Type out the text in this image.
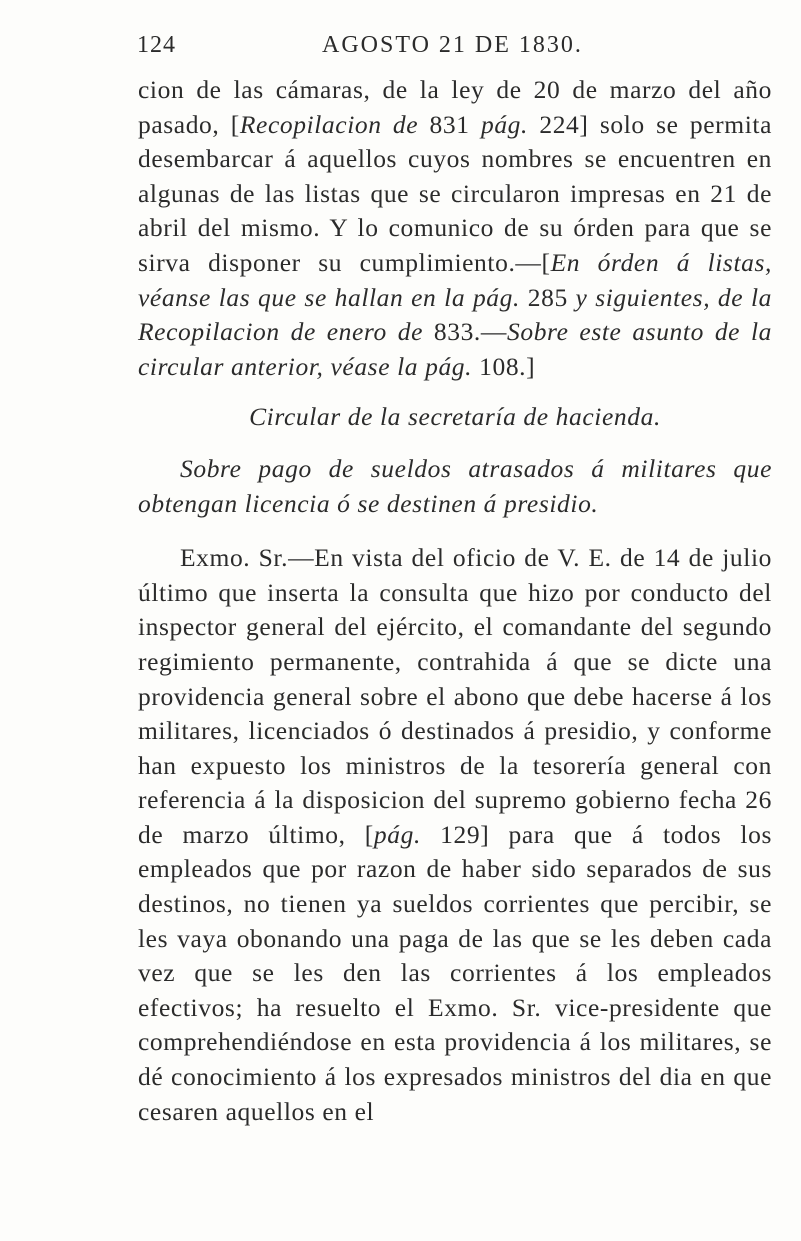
124	AGOSTO 21 DE 1830.

cion de las cámaras, de la ley de 20 de marzo del año pasado, [Recopilacion de 831 pág. 224] solo se permita desembarcar á aquellos cuyos nombres se encuentren en algunas de las listas que se circularon impresas en 21 de abril del mismo. Y lo comunico de su órden para que se sirva disponer su cumplimiento.—[En órden á listas, véanse las que se hallan en la pág. 285 y siguientes, de la Recopilacion de enero de 833.—Sobre este asunto de la circular anterior, véase la pág. 108.]

Circular de la secretaría de hacienda.

Sobre pago de sueldos atrasados á militares que obtengan licencia ó se destinen á presidio.

Exmo. Sr.—En vista del oficio de V. E. de 14 de julio último que inserta la consulta que hizo por conducto del inspector general del ejército, el comandante del segundo regimiento permanente, contrahida á que se dicte una providencia general sobre el abono que debe hacerse á los militares, licenciados ó destinados á presidio, y conforme han expuesto los ministros de la tesorería general con referencia á la disposicion del supremo gobierno fecha 26 de marzo último, [pág. 129] para que á todos los empleados que por razon de haber sido separados de sus destinos, no tienen ya sueldos corrientes que percibir, se les vaya obonando una paga de las que se les deben cada vez que se les den las corrientes á los empleados efectivos; ha resuelto el Exmo. Sr. vice-presidente que comprehendiéndose en esta providencia á los militares, se dé conocimiento á los expresados ministros del dia en que cesaren aquellos en el
